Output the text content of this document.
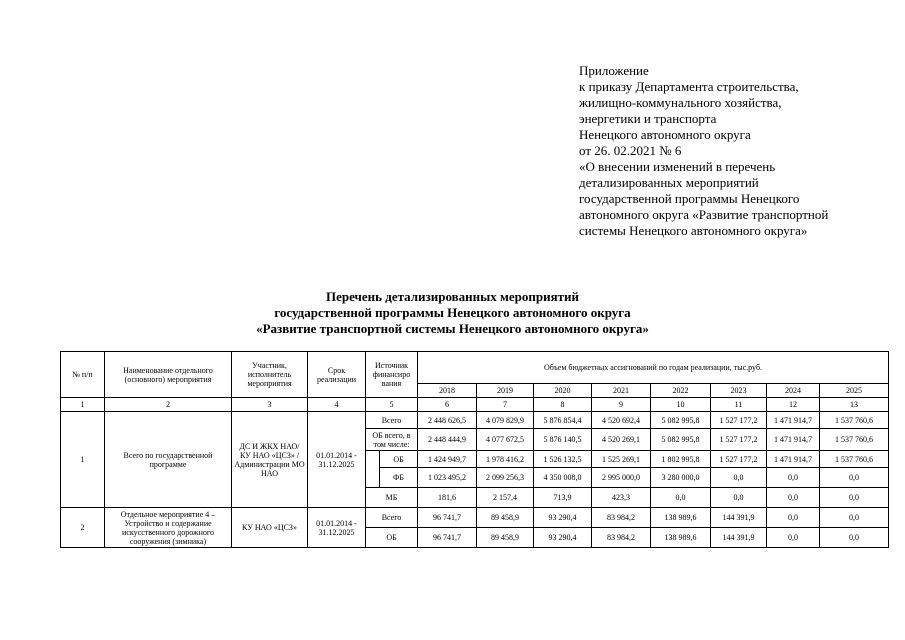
Приложение
к приказу Департамента строительства,
жилищно-коммунального хозяйства,
энергетики и транспорта
Ненецкого автономного округа
от 26. 02.2021 № 6
«О внесении изменений в перечень
детализированных мероприятий
государственной программы Ненецкого
автономного округа «Развитие транспортной
системы Ненецкого автономного округа»
Перечень детализированных мероприятий
государственной программы Ненецкого автономного округа
«Развитие транспортной системы Ненецкого автономного округа»
№ п/п	Наименование отдельного (основного) мероприятия	Участник, исполнитель мероприятия	Срок реализации	Источник финансиро вания		Объем бюджетных ассигнований по годам реализации, тыс.руб.							
						2018	2019	2020	2021	2022	2023	2024	2025
1	2	3	4	5		6	7	8	9	10	11	12	13
1	Всего по государственной программе	ДС И ЖКХ НАО/ КУ НАО «ЦСЗ» / Администрации МО НАО	01.01.2014 - 31.12.2025	Всего		2 448 626,5	4 079 829,9	5 876 854,4	4 520 692,4	5 082 995,8	1 527 177,2	1 471 914,7	1 537 760,6
				ОБ всего, в том числе:		2 448 444,9	4 077 672,5	5 876 140,5	4 520 269,1	5 082 995,8	1 527 177,2	1 471 914,7	1 537 760,6
					ОБ	1 424 949,7	1 978 416,2	1 526 132,5	1 525 269,1	1 802 995,8	1 527 177,2	1 471 914,7	1 537 760,6
					ФБ	1 023 495,2	2 099 256,3	4 350 008,0	2 995 000,0	3 280 000,0	0,0	0,0	0,0
				МБ		181,6	2 157,4	713,9	423,3	0,0	0,0	0,0	0,0
2	Отдельное мероприятие 4 – Устройство и содержание искусственного дорожного сооружения (зимника)	КУ НАО «ЦСЗ»	01.01.2014 - 31.12.2025	Всего		96 741,7	89 458,9	93 290,4	83 984,2	138 989,6	144 391,9	0,0	0,0
				ОБ		96 741,7	89 458,9	93 290,4	83 984,2	138 989,6	144 391,9	0,0	0,0
